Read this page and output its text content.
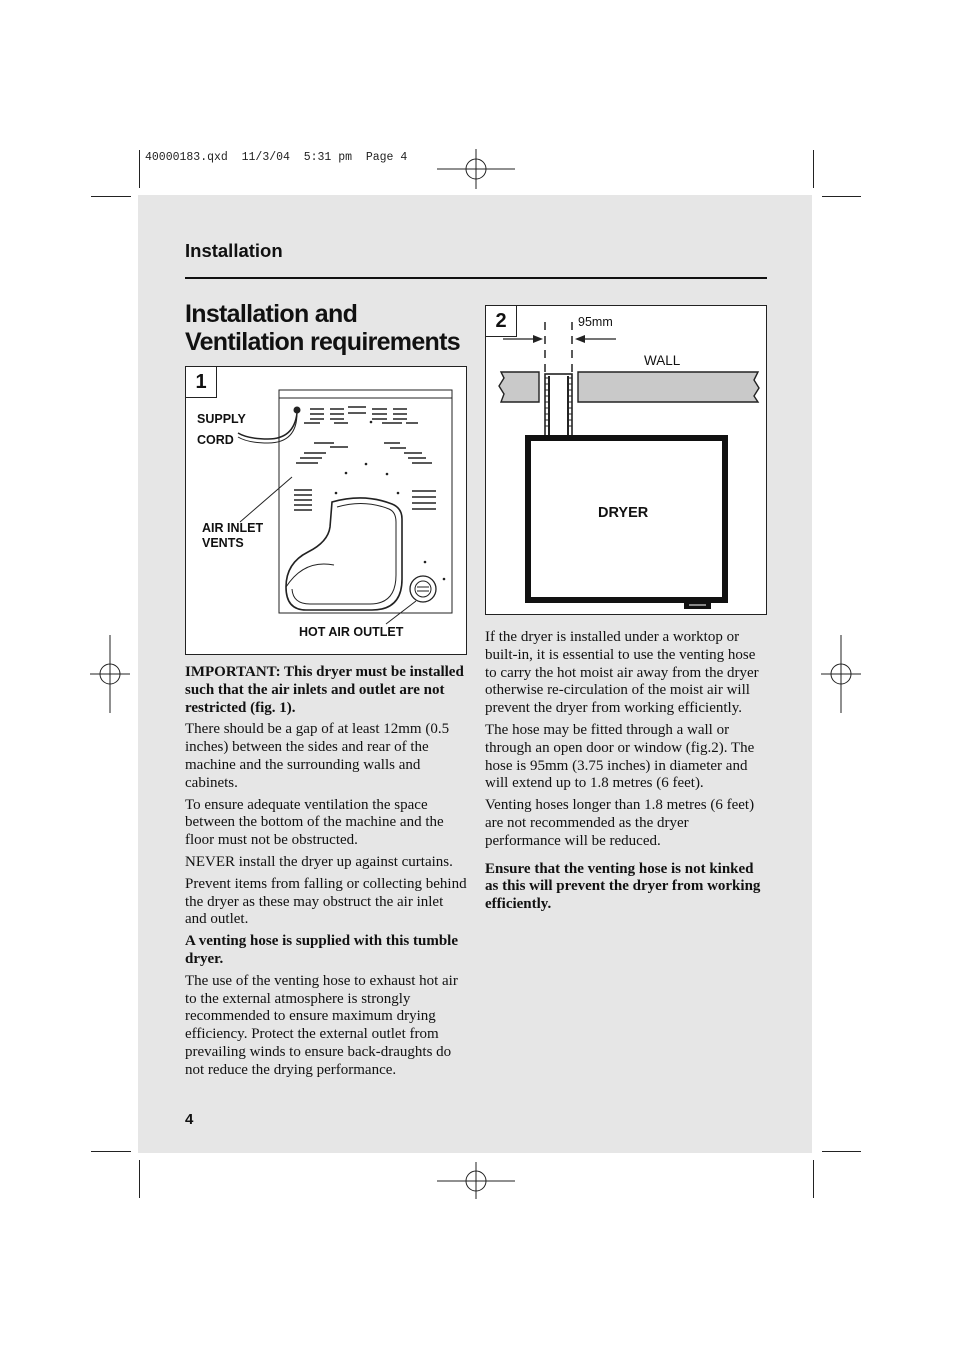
40000183.qxd  11/3/04  5:31 pm  Page 4
Installation
Installation and
Ventilation requirements
1
SUPPLY
CORD
AIR INLET
VENTS
HOT AIR OUTLET
2	95mm
WALL
DRYER

IMPORTANT: This dryer must be installed such that the air inlets and outlet are not restricted (fig. 1).

There should be a gap of at least 12mm (0.5 inches) between the sides and rear of the machine and the surrounding walls and cabinets.

To ensure adequate ventilation the space between the bottom of the machine and the floor must not be obstructed.

NEVER install the dryer up against curtains.

Prevent items from falling or collecting behind the dryer as these may obstruct the air inlet and outlet.

A venting hose is supplied with this tumble dryer.

The use of the venting hose to exhaust hot air to the external atmosphere is strongly recommended to ensure maximum drying efficiency. Protect the external outlet from prevailing winds to ensure back-draughts do not reduce the drying performance.

If the dryer is installed under a worktop or built-in, it is essential to use the venting hose to carry the hot moist air away from the dryer otherwise re-circulation of the moist air will prevent the dryer from working efficiently.

The hose may be fitted through a wall or through an open door or window (fig.2). The hose is 95mm (3.75 inches) in diameter and will extend up to 1.8 metres (6 feet).

Venting hoses longer than 1.8 metres (6 feet) are not recommended as the dryer performance will be reduced.

Ensure that the venting hose is not kinked as this will prevent the dryer from working efficiently.

4
